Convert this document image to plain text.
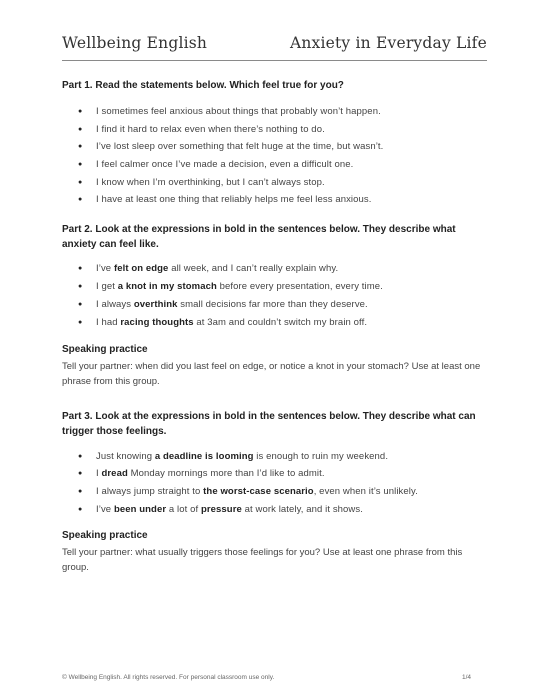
Wellbeing English	Anxiety in Everyday Life

Part 1. Read the statements below. Which feel true for you?

● I sometimes feel anxious about things that probably won’t happen.
● I find it hard to relax even when there’s nothing to do.
● I’ve lost sleep over something that felt huge at the time, but wasn’t.
● I feel calmer once I’ve made a decision, even a difficult one.
● I know when I’m overthinking, but I can’t always stop.
● I have at least one thing that reliably helps me feel less anxious.

Part 2. Look at the expressions in bold in the sentences below. They describe what anxiety can feel like.

● I’ve felt on edge all week, and I can’t really explain why.
● I get a knot in my stomach before every presentation, every time.
● I always overthink small decisions far more than they deserve.
● I had racing thoughts at 3am and couldn’t switch my brain off.

Speaking practice

Tell your partner: when did you last feel on edge, or notice a knot in your stomach? Use at least one phrase from this group.

Part 3. Look at the expressions in bold in the sentences below. They describe what can trigger those feelings.

● Just knowing a deadline is looming is enough to ruin my weekend.
● I dread Monday mornings more than I’d like to admit.
● I always jump straight to the worst-case scenario, even when it’s unlikely.
● I’ve been under a lot of pressure at work lately, and it shows.

Speaking practice

Tell your partner: what usually triggers those feelings for you? Use at least one phrase from this group.

© Wellbeing English. All rights reserved. For personal classroom use only.	1/4
